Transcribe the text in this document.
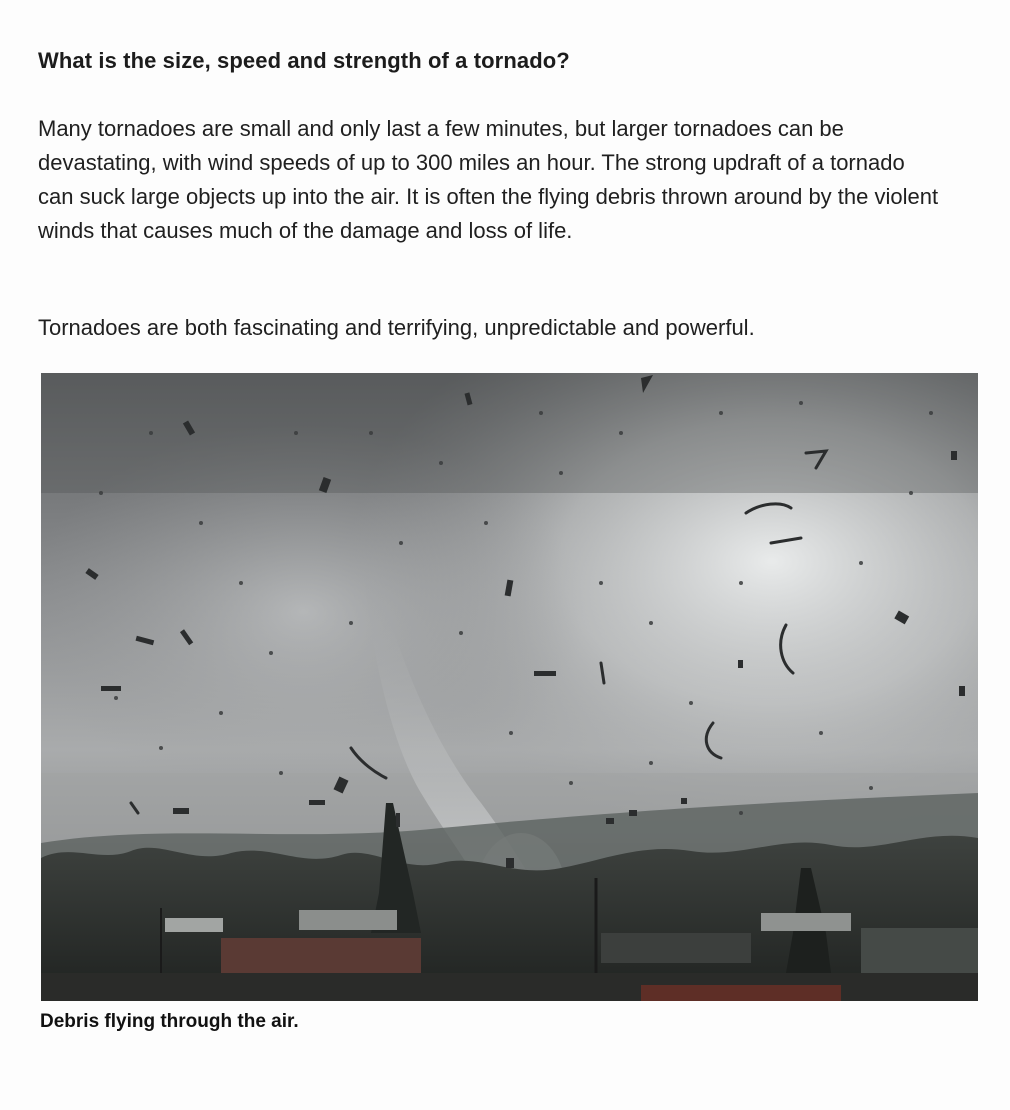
What is the size, speed and strength of a tornado?

Many tornadoes are small and only last a few minutes, but larger tornadoes can be devastating, with wind speeds of up to 300 miles an hour. The strong updraft of a tornado can suck large objects up into the air. It is often the flying debris thrown around by the violent winds that causes much of the damage and loss of life.

Tornadoes are both fascinating and terrifying, unpredictable and powerful.

Debris flying through the air.
